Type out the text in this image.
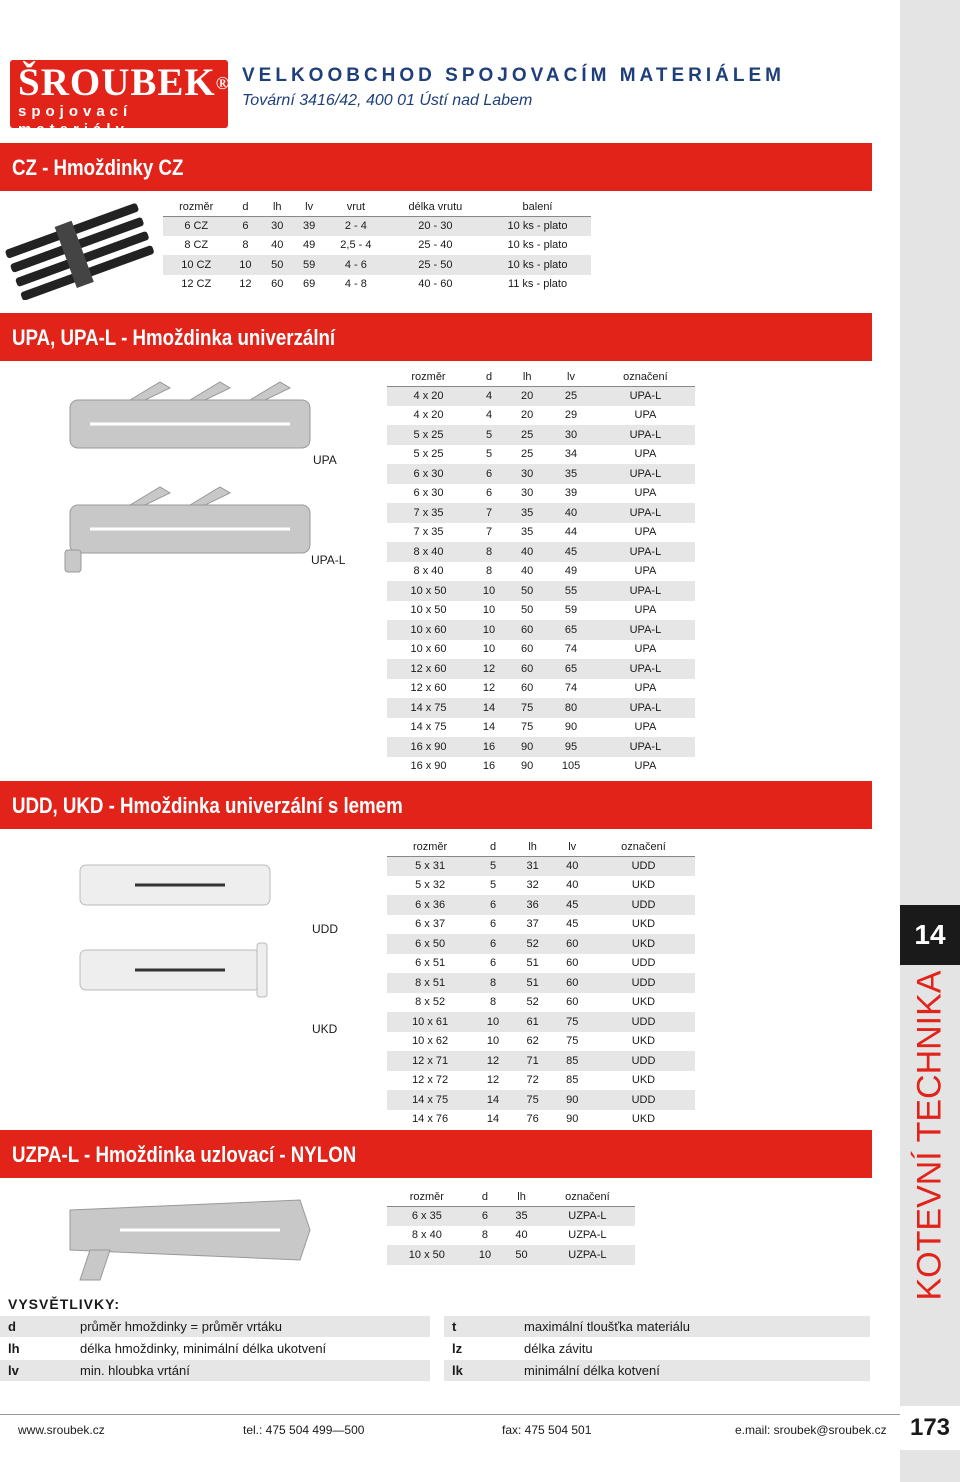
14
KOTEVNÍ TECHNIKA
173
ŠROUBEK®
spojovací materiály
VELKOOBCHOD SPOJOVACÍM MATERIÁLEM
Tovární 3416/42, 400 01 Ústí nad Labem
CZ - Hmoždinky CZ
rozměr	d	lh	lv	vrut	délka vrutu	balení
6 CZ	6	30	39	2 - 4	20 - 30	10 ks - plato
8 CZ	8	40	49	2,5 - 4	25 - 40	10 ks - plato
10 CZ	10	50	59	4 - 6	25 - 50	10 ks - plato
12 CZ	12	60	69	4 - 8	40 - 60	11 ks - plato
UPA, UPA-L - Hmoždinka univerzální
UPA
UPA-L
rozměr	d	lh	lv	označení
4 x 20	4	20	25	UPA-L
4 x 20	4	20	29	UPA
5 x 25	5	25	30	UPA-L
5 x 25	5	25	34	UPA
6 x 30	6	30	35	UPA-L
6 x 30	6	30	39	UPA
7 x 35	7	35	40	UPA-L
7 x 35	7	35	44	UPA
8 x 40	8	40	45	UPA-L
8 x 40	8	40	49	UPA
10 x 50	10	50	55	UPA-L
10 x 50	10	50	59	UPA
10 x 60	10	60	65	UPA-L
10 x 60	10	60	74	UPA
12 x 60	12	60	65	UPA-L
12 x 60	12	60	74	UPA
14 x 75	14	75	80	UPA-L
14 x 75	14	75	90	UPA
16 x 90	16	90	95	UPA-L
16 x 90	16	90	105	UPA
UDD, UKD - Hmoždinka univerzální s lemem
UDD
UKD
rozměr	d	lh	lv	označení
5 x 31	5	31	40	UDD
5 x 32	5	32	40	UKD
6 x 36	6	36	45	UDD
6 x 37	6	37	45	UKD
6 x 50	6	52	60	UKD
6 x 51	6	51	60	UDD
8 x 51	8	51	60	UDD
8 x 52	8	52	60	UKD
10 x 61	10	61	75	UDD
10 x 62	10	62	75	UKD
12 x 71	12	71	85	UDD
12 x 72	12	72	85	UKD
14 x 75	14	75	90	UDD
14 x 76	14	76	90	UKD
UZPA-L - Hmoždinka uzlovací - NYLON
rozměr	d	lh	označení
6 x 35	6	35	UZPA-L
8 x 40	8	40	UZPA-L
10 x 50	10	50	UZPA-L
VYSVĚTLIVKY:
d	průměr hmoždinky = průměr vrtáku
lh	délka hmoždinky, minimální délka ukotvení
lv	min. hloubka vrtání
t	maximální tloušťka materiálu
lz	délka závitu
lk	minimální délka kotvení
www.sroubek.cz	tel.: 475 504 499—500	fax: 475 504 501	e.mail: sroubek@sroubek.cz
